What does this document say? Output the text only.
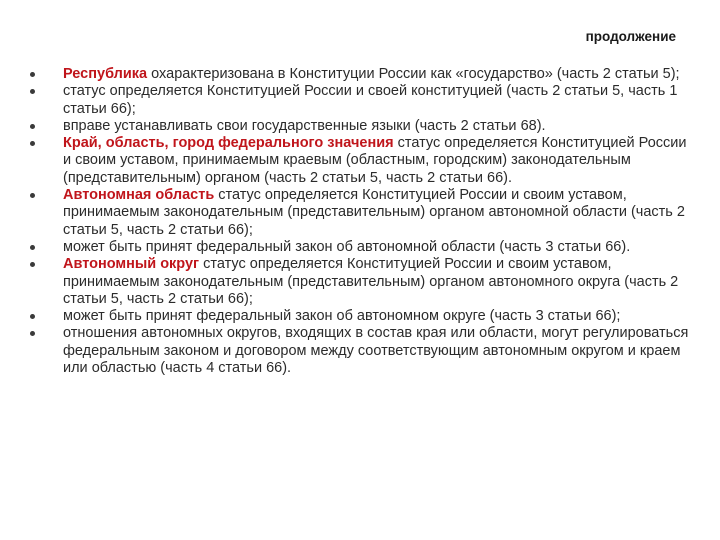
продолжение
Республика охарактеризована в Конституции России как «государство» (часть 2 статьи 5);
статус определяется Конституцией России и своей конституцией (часть 2 статьи 5, часть 1 статьи 66);
вправе устанавливать свои государственные языки (часть 2 статьи 68).
Край, область, город федерального значения статус определяется Конституцией России и своим уставом, принимаемым краевым (областным, городским) законодательным (представительным) органом (часть 2 статьи 5, часть 2 статьи 66).
Автономная область статус определяется Конституцией России и своим уставом, принимаемым законодательным (представительным) органом автономной области (часть 2 статьи 5, часть 2 статьи 66);
может быть принят федеральный закон об автономной области (часть 3 статьи 66).
Автономный округ статус определяется Конституцией России и своим уставом, принимаемым законодательным (представительным) органом автономного округа (часть 2 статьи 5, часть 2 статьи 66);
может быть принят федеральный закон об автономном округе (часть 3 статьи 66);
отношения автономных округов, входящих в состав края или области, могут регулироваться федеральным законом и договором между соответствующим автономным округом и краем или областью (часть 4 статьи 66).
